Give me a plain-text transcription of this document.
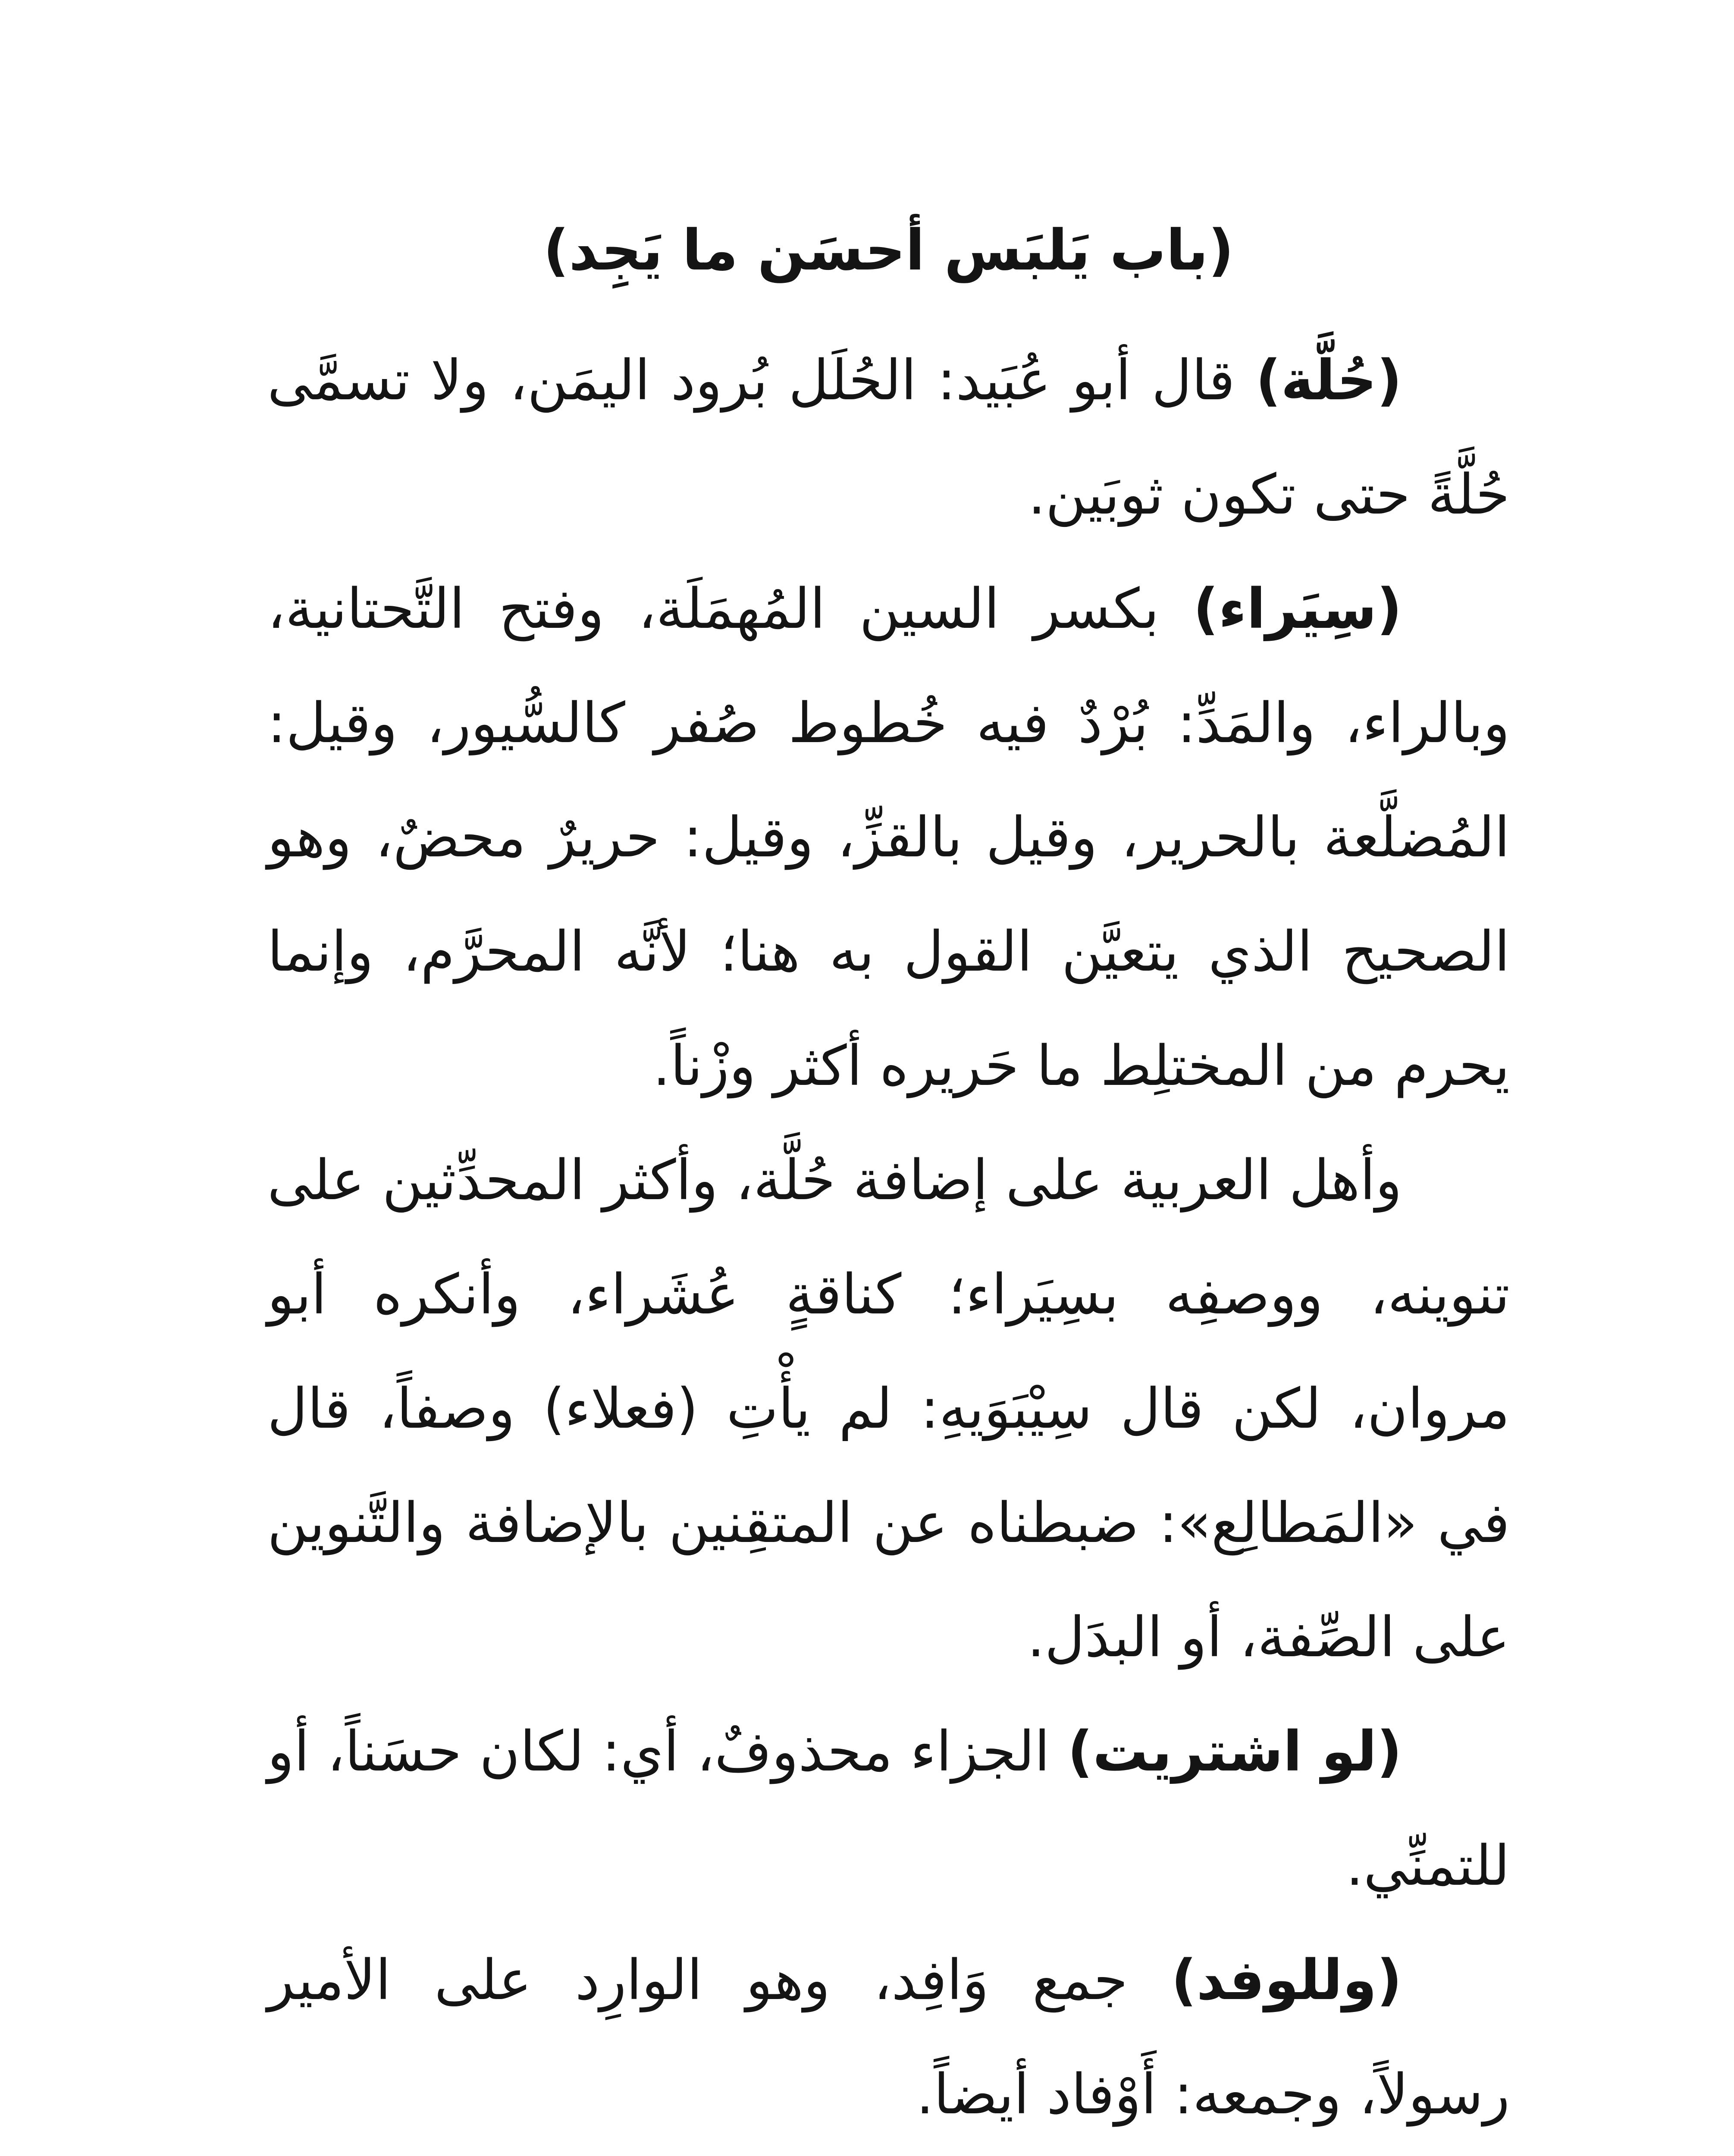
(باب يَلبَس أحسَن ما يَجِد)

(حُلَّة) قال أبو عُبَيد: الحُلَل بُرود اليمَن، ولا تسمَّى حُلَّةً حتى تكون ثوبَين.

(سِيَراء) بكسر السين المُهمَلَة، وفتح التَّحتانية، وبالراء، والمَدِّ: بُرْدٌ فيه خُطوط صُفر كالسُّيور، وقيل: المُضلَّعة بالحرير، وقيل بالقزِّ، وقيل: حريرٌ محضٌ، وهو الصحيح الذي يتعيَّن القول به هنا؛ لأنَّه المحرَّم، وإنما يحرم من المختلِط ما حَريره أكثر وزْناً.

وأهل العربية على إضافة حُلَّة، وأكثر المحدِّثين على تنوينه، ووصفِه بسِيَراء؛ كناقةٍ عُشَراء، وأنكره أبو مروان، لكن قال سِيْبَوَيهِ: لم يأْتِ (فعلاء) وصفاً، قال في «المَطالِع»: ضبطناه عن المتقِنين بالإضافة والتَّنوين على الصِّفة، أو البدَل.

(لو اشتريت) الجزاء محذوفٌ، أي: لكان حسَناً، أو للتمنِّي.

(وللوفد) جمع وَافِد، وهو الوارِد على الأمير رسولاً، وجمعه: أَوْفاد أيضاً.
